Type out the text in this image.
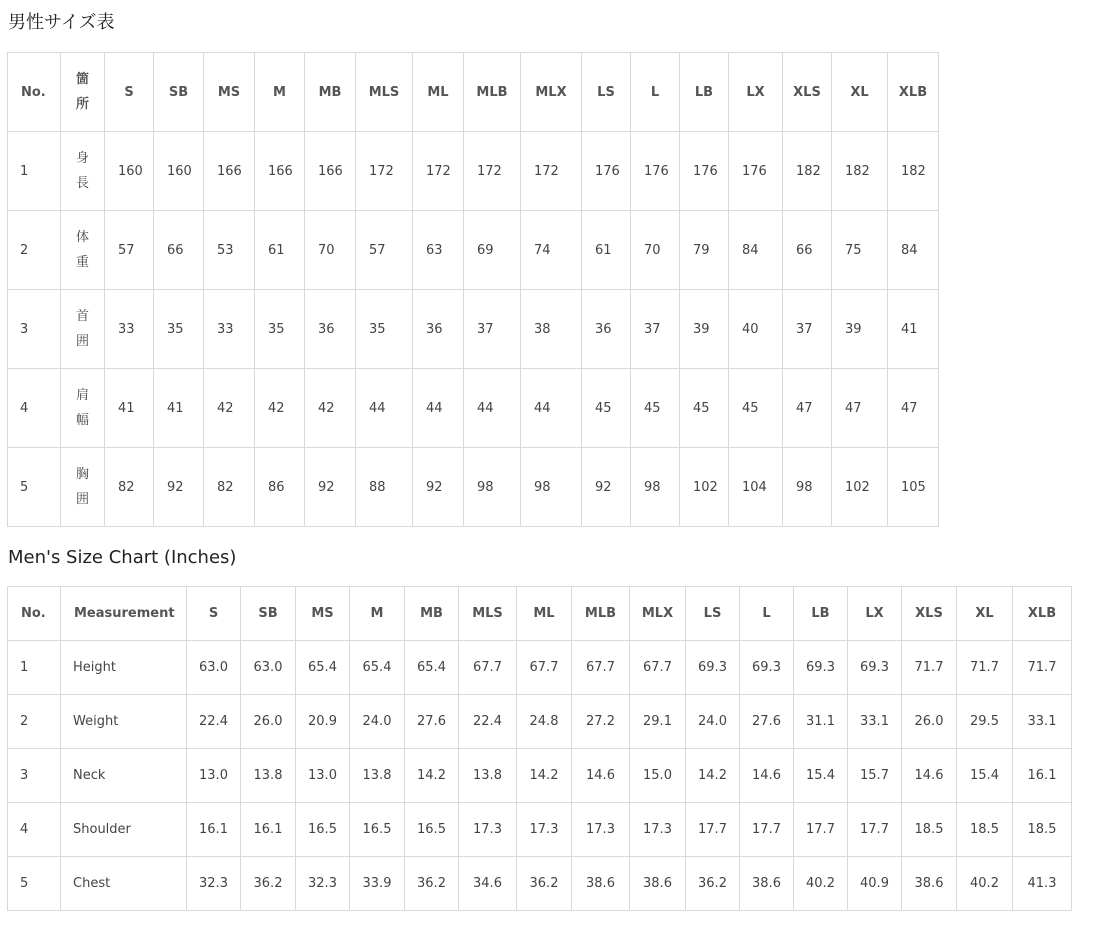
男性サイズ表
No.	箇所	S	SB	MS	M	MB	MLS	ML	MLB	MLX	LS	L	LB	LX	XLS	XL	XLB
1	身長	160	160	166	166	166	172	172	172	172	176	176	176	176	182	182	182
2	体重	57	66	53	61	70	57	63	69	74	61	70	79	84	66	75	84
3	首囲	33	35	33	35	36	35	36	37	38	36	37	39	40	37	39	41
4	肩幅	41	41	42	42	42	44	44	44	44	45	45	45	45	47	47	47
5	胸囲	82	92	82	86	92	88	92	98	98	92	98	102	104	98	102	105
Men's Size Chart (Inches)
No.	Measurement	S	SB	MS	M	MB	MLS	ML	MLB	MLX	LS	L	LB	LX	XLS	XL	XLB
1	Height	63.0	63.0	65.4	65.4	65.4	67.7	67.7	67.7	67.7	69.3	69.3	69.3	69.3	71.7	71.7	71.7
2	Weight	22.4	26.0	20.9	24.0	27.6	22.4	24.8	27.2	29.1	24.0	27.6	31.1	33.1	26.0	29.5	33.1
3	Neck	13.0	13.8	13.0	13.8	14.2	13.8	14.2	14.6	15.0	14.2	14.6	15.4	15.7	14.6	15.4	16.1
4	Shoulder	16.1	16.1	16.5	16.5	16.5	17.3	17.3	17.3	17.3	17.7	17.7	17.7	17.7	18.5	18.5	18.5
5	Chest	32.3	36.2	32.3	33.9	36.2	34.6	36.2	38.6	38.6	36.2	38.6	40.2	40.9	38.6	40.2	41.3
